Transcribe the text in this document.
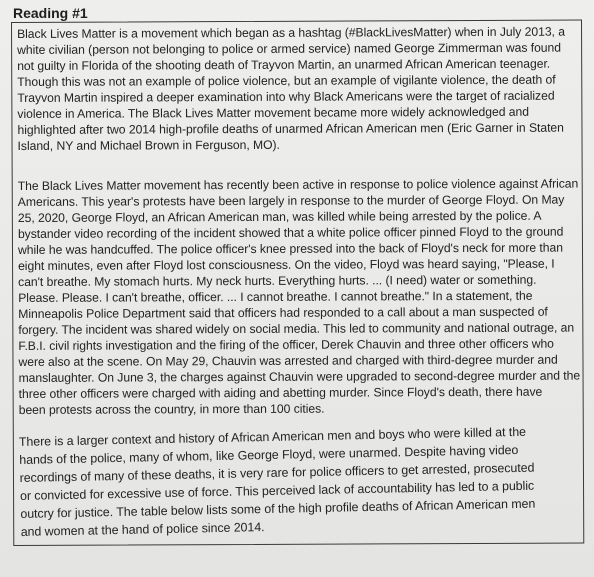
Reading #1
Black Lives Matter is a movement which began as a hashtag (#BlackLivesMatter) when in July 2013, a
white civilian (person not belonging to police or armed service) named George Zimmerman was found
not guilty in Florida of the shooting death of Trayvon Martin, an unarmed African American teenager.
Though this was not an example of police violence, but an example of vigilante violence, the death of
Trayvon Martin inspired a deeper examination into why Black Americans were the target of racialized
violence in America. The Black Lives Matter movement became more widely acknowledged and
highlighted after two 2014 high-profile deaths of unarmed African American men (Eric Garner in Staten
Island, NY and Michael Brown in Ferguson, MO).
The Black Lives Matter movement has recently been active in response to police violence against African
Americans. This year's protests have been largely in response to the murder of George Floyd. On May
25, 2020, George Floyd, an African American man, was killed while being arrested by the police. A
bystander video recording of the incident showed that a white police officer pinned Floyd to the ground
while he was handcuffed. The police officer's knee pressed into the back of Floyd's neck for more than
eight minutes, even after Floyd lost consciousness. On the video, Floyd was heard saying, "Please, I
can't breathe. My stomach hurts. My neck hurts. Everything hurts. ... (I need) water or something.
Please. Please. I can't breathe, officer. ... I cannot breathe. I cannot breathe." In a statement, the
Minneapolis Police Department said that officers had responded to a call about a man suspected of
forgery. The incident was shared widely on social media. This led to community and national outrage, an
F.B.I. civil rights investigation and the firing of the officer, Derek Chauvin and three other officers who
were also at the scene. On May 29, Chauvin was arrested and charged with third-degree murder and
manslaughter. On June 3, the charges against Chauvin were upgraded to second-degree murder and the
three other officers were charged with aiding and abetting murder. Since Floyd's death, there have
been protests across the country, in more than 100 cities.
There is a larger context and history of African American men and boys who were killed at the
hands of the police, many of whom, like George Floyd, were unarmed. Despite having video
recordings of many of these deaths, it is very rare for police officers to get arrested, prosecuted
or convicted for excessive use of force. This perceived lack of accountability has led to a public
outcry for justice. The table below lists some of the high profile deaths of African American men
and women at the hand of police since 2014.
